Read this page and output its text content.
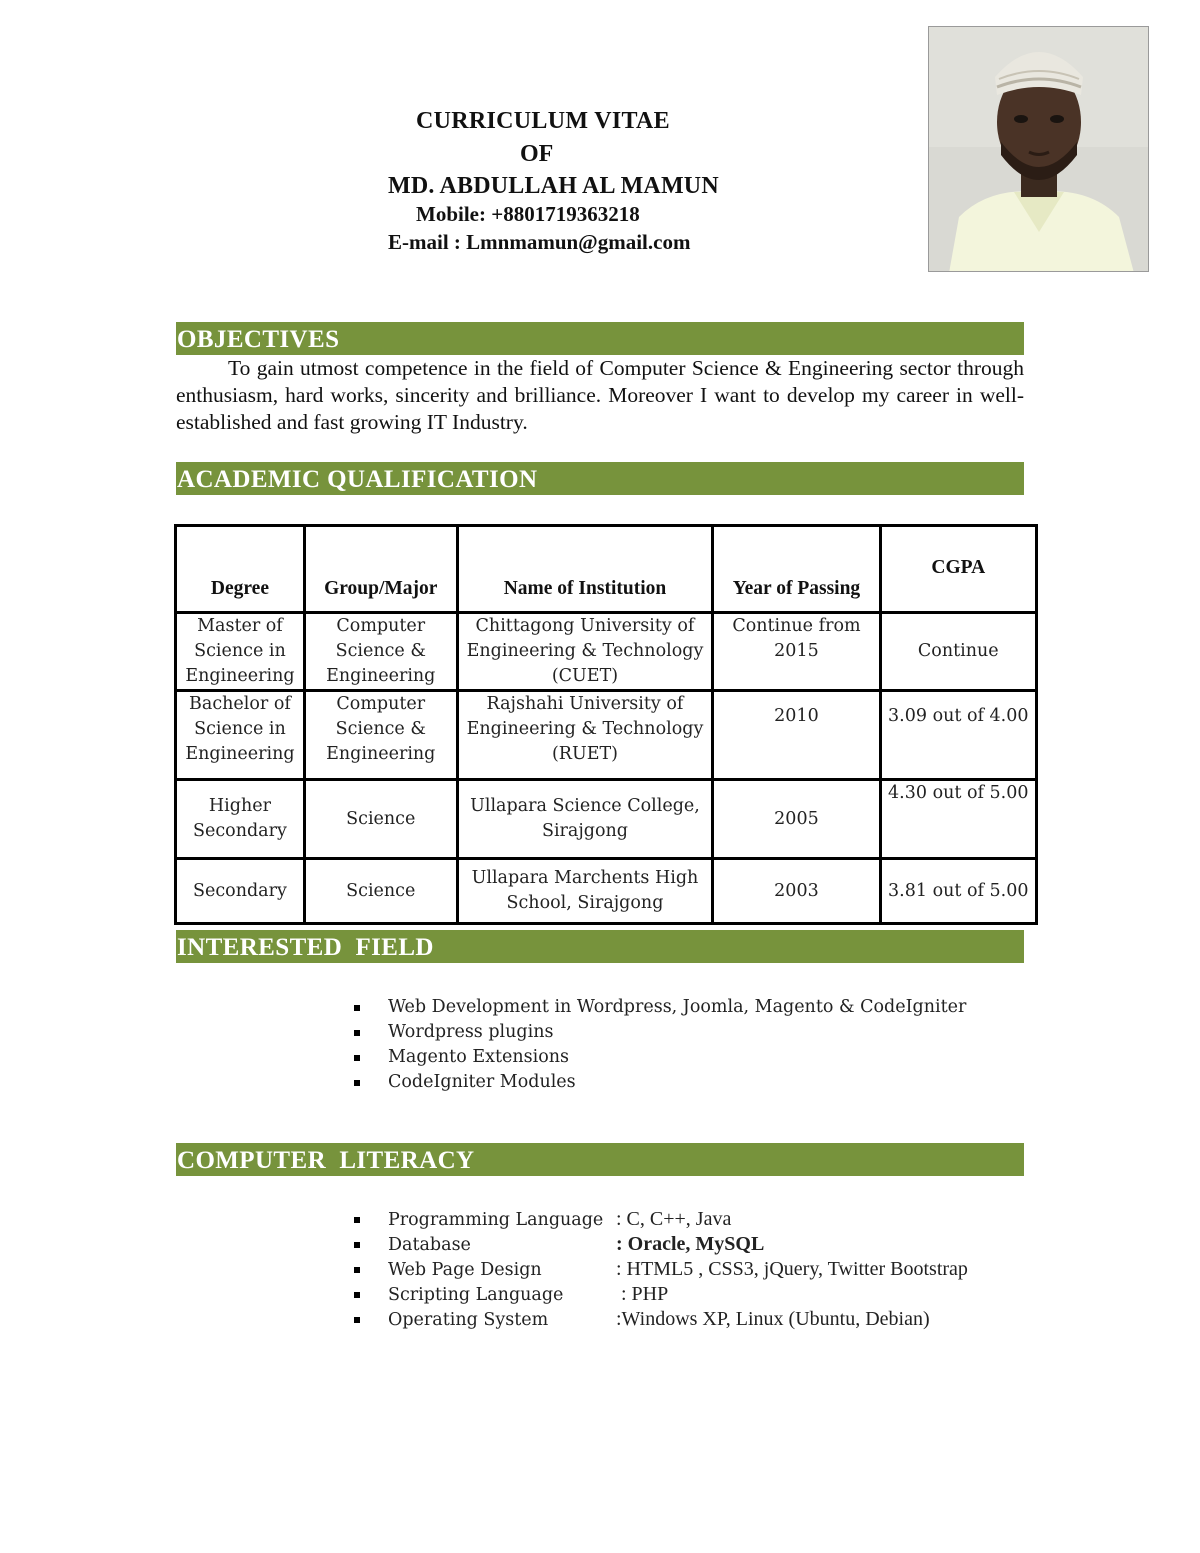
CURRICULUM VITAE
OF
MD. ABDULLAH AL MAMUN
Mobile: +8801719363218
E-mail : Lmnmamun@gmail.com
OBJECTIVES

To gain utmost competence in the field of Computer Science & Engineering sector through enthusiasm, hard works, sincerity and brilliance. Moreover I want to develop my career in well-established and fast growing IT Industry.

ACADEMIC QUALIFICATION
Degree	Group/Major	Name of Institution	Year of Passing	CGPA
Master of Science in Engineering	Computer Science & Engineering	Chittagong University of Engineering & Technology (CUET)	Continue from 2015	Continue
Bachelor of Science in Engineering	Computer Science & Engineering	Rajshahi University of Engineering & Technology (RUET)	2010	3.09 out of 4.00
Higher Secondary	Science	Ullapara Science College, Sirajgong	2005	4.30 out of 5.00
Secondary	Science	Ullapara Marchents High School, Sirajgong	2003	3.81 out of 5.00
INTERESTED  FIELD
Web Development in Wordpress, Joomla, Magento & CodeIgniter
Wordpress plugins
Magento Extensions
CodeIgniter Modules
COMPUTER  LITERACY
Programming Language : C, C++, Java
Database	: Oracle, MySQL
Web Page Design	: HTML5 , CSS3, jQuery, Twitter Bootstrap
Scripting Language	: PHP
Operating System	:Windows XP, Linux (Ubuntu, Debian)
